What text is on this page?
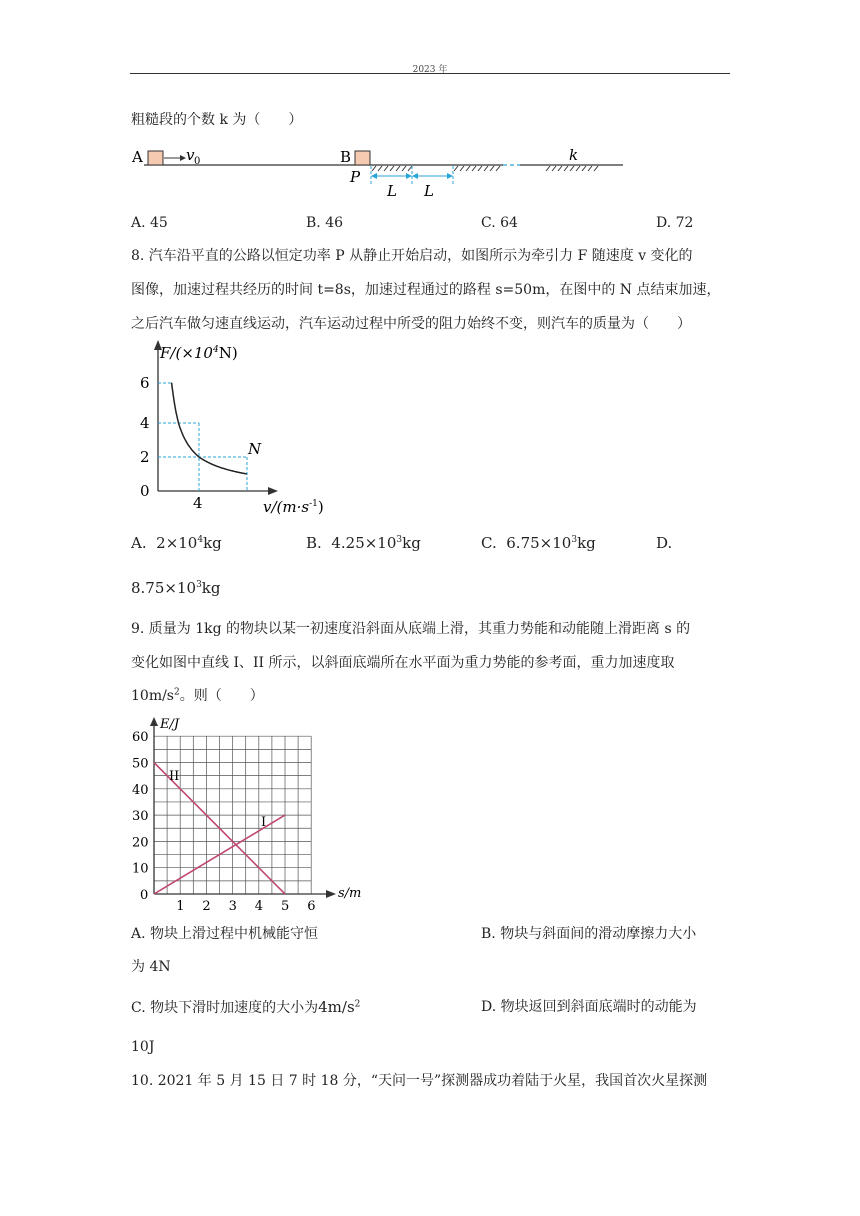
2023 年
粗糙段的个数 k 为（　　）
A	v 0	B
P
k
L L
A. 45	B. 46	C. 64	D. 72
8. 汽车沿平直的公路以恒定功率 P 从静止开始启动，如图所示为牵引力 F 随速度 v 变化的
图像，加速过程共经历的时间 t=8s，加速过程通过的路程 s=50m，在图中的 N 点结束加速，
之后汽车做匀速直线运动，汽车运动过程中所受的阻力始终不变，则汽车的质量为（　　）
$F/(\times 10^4N)$
6
4
2
0
4	$v/(m\cdot s^{-1})$
N
A. $2\times 10^4kg$	B. $4.25\times 10^3kg$	C. $6.75\times 10^3kg$	D.
$8.75\times 10^3kg$
9. 质量为 1kg 的物块以某一初速度沿斜面从底端上滑，其重力势能和动能随上滑距离 s 的
变化如图中直线 I、II 所示，以斜面底端所在水平面为重力势能的参考面，重力加速度取
$10m/s^2$。则（　　）
E/J
s/m
60
50
40
30
20
10
0
1 2 3 4 5 6
II
I
A. 物块上滑过程中机械能守恒	B. 物块与斜面间的滑动摩擦力大小
为 4N
C. 物块下滑时加速度的大小为$4m/s^2$	D. 物块返回到斜面底端时的动能为
10J
10. 2021 年 5 月 15 日 7 时 18 分，“天问一号”探测器成功着陆于火星，我国首次火星探测
